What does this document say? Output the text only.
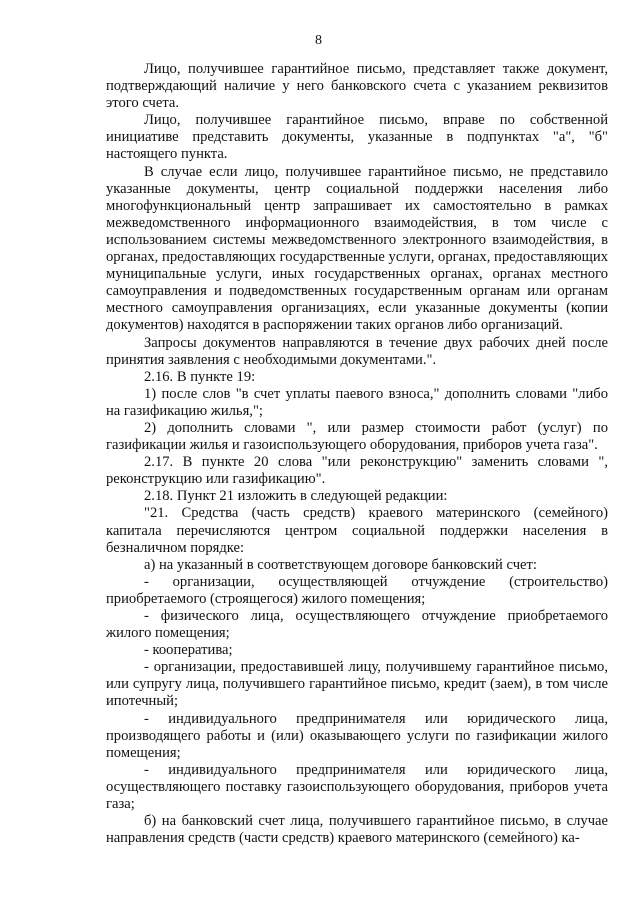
8

Лицо, получившее гарантийное письмо, представляет также документ, подтверждающий наличие у него банковского счета с указанием реквизитов этого счета.

Лицо, получившее гарантийное письмо, вправе по собственной инициативе представить документы, указанные в подпунктах "а", "б" настоящего пункта.

В случае если лицо, получившее гарантийное письмо, не представило указанные документы, центр социальной поддержки населения либо многофункциональный центр запрашивает их самостоятельно в рамках межведомственного информационного взаимодействия, в том числе с использованием системы межведомственного электронного взаимодействия, в органах, предоставляющих государственные услуги, органах, предоставляющих муниципальные услуги, иных государственных органах, органах местного самоуправления и подведомственных государственным органам или органам местного самоуправления организациях, если указанные документы (копии документов) находятся в распоряжении таких органов либо организаций.

Запросы документов направляются в течение двух рабочих дней после принятия заявления с необходимыми документами.".

2.16. В пункте 19:

1) после слов "в счет уплаты паевого взноса," дополнить словами "либо на газификацию жилья,";

2) дополнить словами ", или размер стоимости работ (услуг) по газификации жилья и газоиспользующего оборудования, приборов учета газа".

2.17. В пункте 20 слова "или реконструкцию" заменить словами ", реконструкцию или газификацию".

2.18. Пункт 21 изложить в следующей редакции:

"21. Средства (часть средств) краевого материнского (семейного) капитала перечисляются центром социальной поддержки населения в безналичном порядке:

а) на указанный в соответствующем договоре банковский счет:

- организации, осуществляющей отчуждение (строительство) приобретаемого (строящегося) жилого помещения;

- физического лица, осуществляющего отчуждение приобретаемого жилого помещения;

- кооператива;

- организации, предоставившей лицу, получившему гарантийное письмо, или супругу лица, получившего гарантийное письмо, кредит (заем), в том числе ипотечный;

- индивидуального предпринимателя или юридического лица, производящего работы и (или) оказывающего услуги по газификации жилого помещения;

- индивидуального предпринимателя или юридического лица, осуществляющего поставку газоиспользующего оборудования, приборов учета газа;

б) на банковский счет лица, получившего гарантийное письмо, в случае направления средств (части средств) краевого материнского (семейного) ка-
